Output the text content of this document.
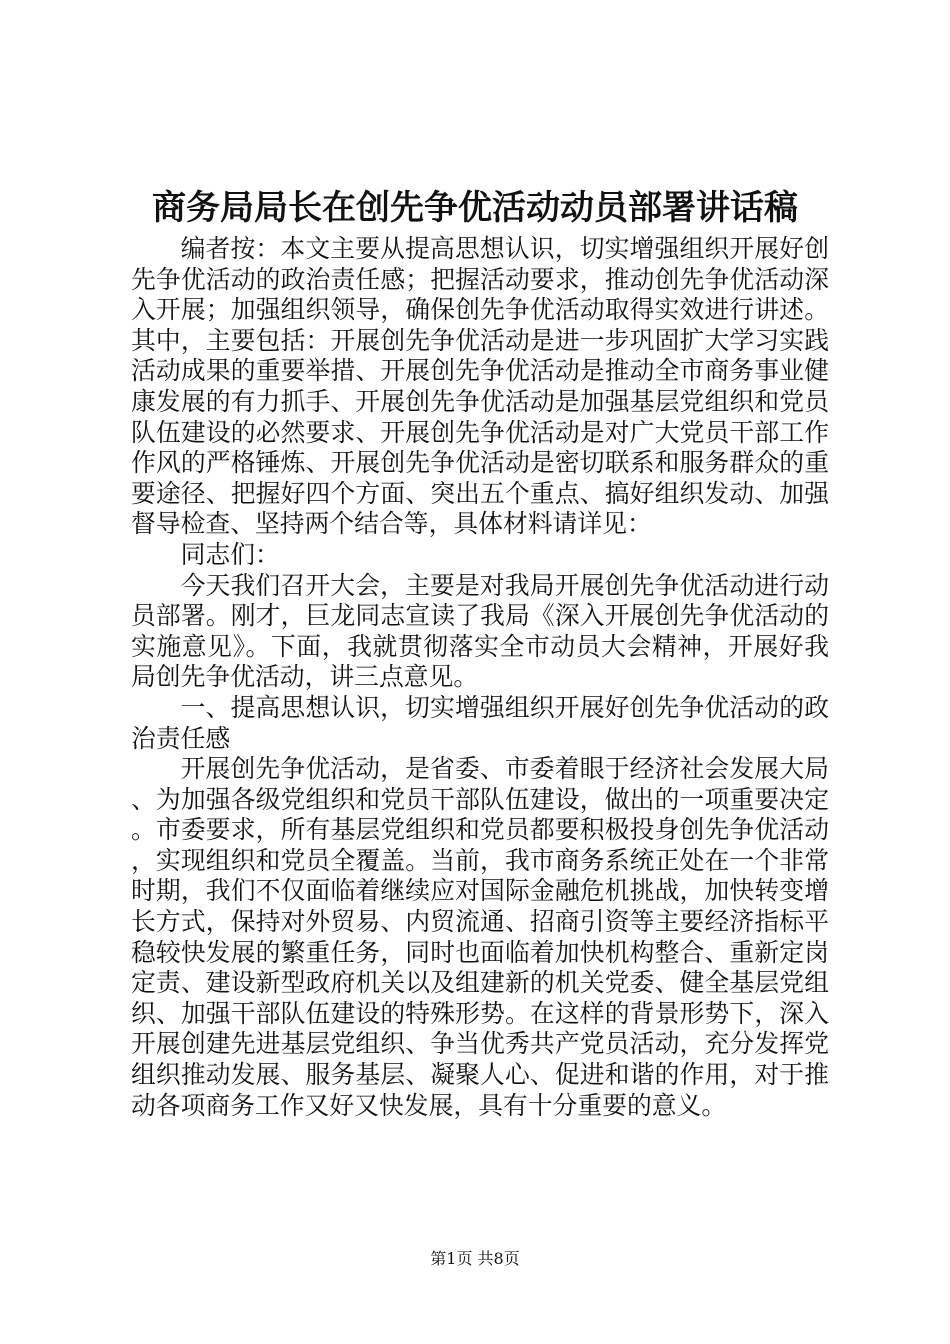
商务局局长在创先争优活动动员部署讲话稿

编者按：本文主要从提高思想认识，切实增强组织开展好创先争优活动的政治责任感；把握活动要求，推动创先争优活动深入开展；加强组织领导，确保创先争优活动取得实效进行讲述。其中，主要包括：开展创先争优活动是进一步巩固扩大学习实践活动成果的重要举措、开展创先争优活动是推动全市商务事业健康发展的有力抓手、开展创先争优活动是加强基层党组织和党员队伍建设的必然要求、开展创先争优活动是对广大党员干部工作作风的严格锤炼、开展创先争优活动是密切联系和服务群众的重要途径、把握好四个方面、突出五个重点、搞好组织发动、加强督导检查、坚持两个结合等，具体材料请详见：

同志们：

今天我们召开大会，主要是对我局开展创先争优活动进行动员部署。刚才，巨龙同志宣读了我局《深入开展创先争优活动的实施意见》。下面，我就贯彻落实全市动员大会精神，开展好我局创先争优活动，讲三点意见。

一、提高思想认识，切实增强组织开展好创先争优活动的政治责任感

开展创先争优活动，是省委、市委着眼于经济社会发展大局、为加强各级党组织和党员干部队伍建设，做出的一项重要决定。市委要求，所有基层党组织和党员都要积极投身创先争优活动，实现组织和党员全覆盖。当前，我市商务系统正处在一个非常时期，我们不仅面临着继续应对国际金融危机挑战，加快转变增长方式，保持对外贸易、内贸流通、招商引资等主要经济指标平稳较快发展的繁重任务，同时也面临着加快机构整合、重新定岗定责、建设新型政府机关以及组建新的机关党委、健全基层党组织、加强干部队伍建设的特殊形势。在这样的背景形势下，深入开展创建先进基层党组织、争当优秀共产党员活动，充分发挥党组织推动发展、服务基层、凝聚人心、促进和谐的作用，对于推动各项商务工作又好又快发展，具有十分重要的意义。

第1页 共8页
